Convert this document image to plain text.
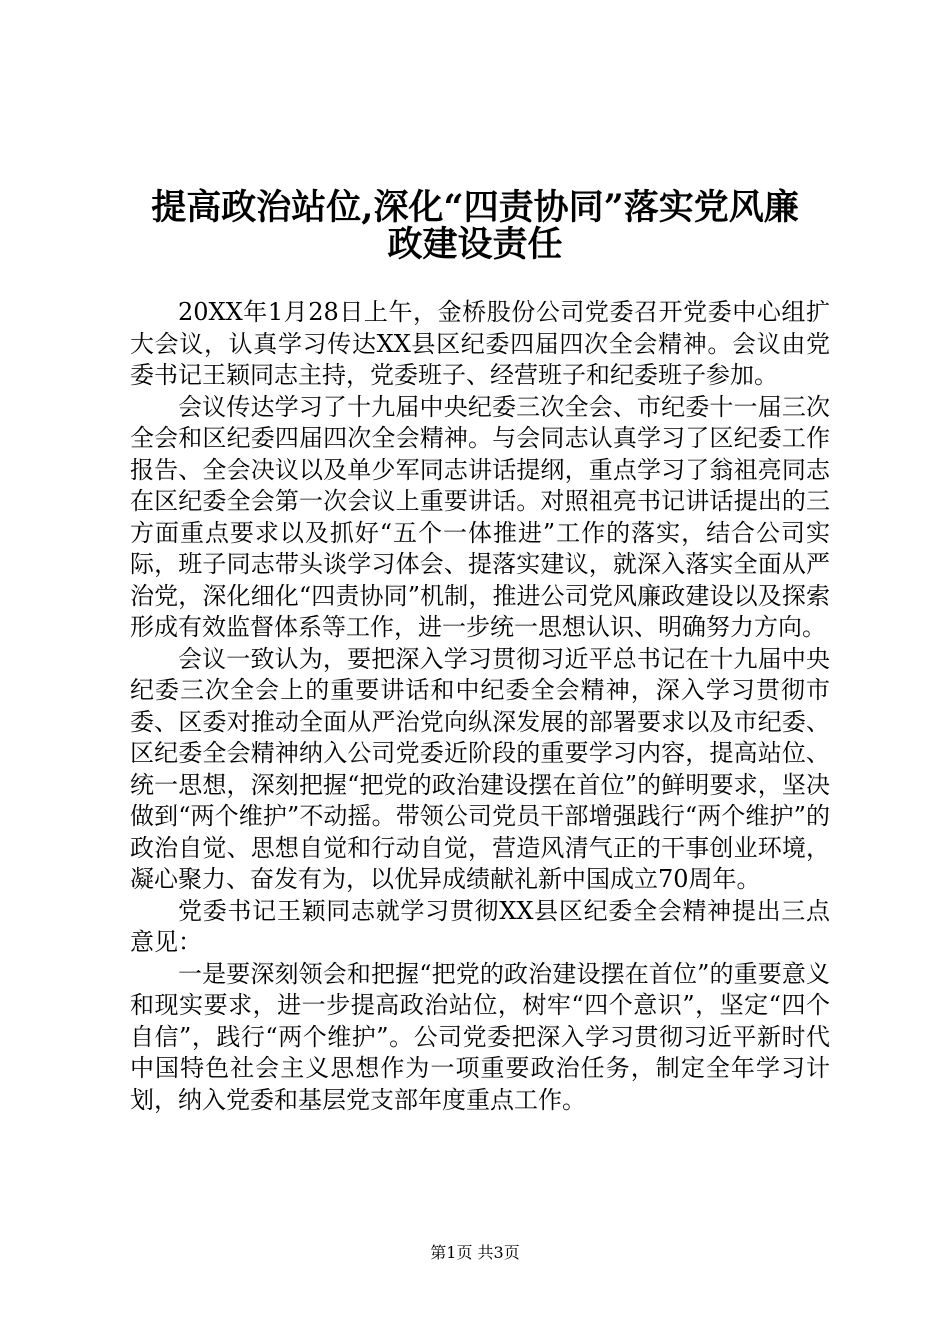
提高政治站位,深化“四责协同”落实党风廉
政建设责任

20XX年1月28日上午，金桥股份公司党委召开党委中心组扩大会议，认真学习传达XX县区纪委四届四次全会精神。会议由党委书记王颖同志主持，党委班子、经营班子和纪委班子参加。

会议传达学习了十九届中央纪委三次全会、市纪委十一届三次全会和区纪委四届四次全会精神。与会同志认真学习了区纪委工作报告、全会决议以及单少军同志讲话提纲，重点学习了翁祖亮同志在区纪委全会第一次会议上重要讲话。对照祖亮书记讲话提出的三方面重点要求以及抓好“五个一体推进”工作的落实，结合公司实际，班子同志带头谈学习体会、提落实建议，就深入落实全面从严治党，深化细化“四责协同”机制，推进公司党风廉政建设以及探索形成有效监督体系等工作，进一步统一思想认识、明确努力方向。

会议一致认为，要把深入学习贯彻习近平总书记在十九届中央纪委三次全会上的重要讲话和中纪委全会精神，深入学习贯彻市委、区委对推动全面从严治党向纵深发展的部署要求以及市纪委、区纪委全会精神纳入公司党委近阶段的重要学习内容，提高站位、统一思想，深刻把握“把党的政治建设摆在首位”的鲜明要求，坚决做到“两个维护”不动摇。带领公司党员干部增强践行“两个维护”的政治自觉、思想自觉和行动自觉，营造风清气正的干事创业环境，凝心聚力、奋发有为，以优异成绩献礼新中国成立70周年。

党委书记王颖同志就学习贯彻XX县区纪委全会精神提出三点意见：

一是要深刻领会和把握“把党的政治建设摆在首位”的重要意义和现实要求，进一步提高政治站位，树牢“四个意识”，坚定“四个自信”，践行“两个维护”。公司党委把深入学习贯彻习近平新时代中国特色社会主义思想作为一项重要政治任务，制定全年学习计划，纳入党委和基层党支部年度重点工作。

第1页 共3页
